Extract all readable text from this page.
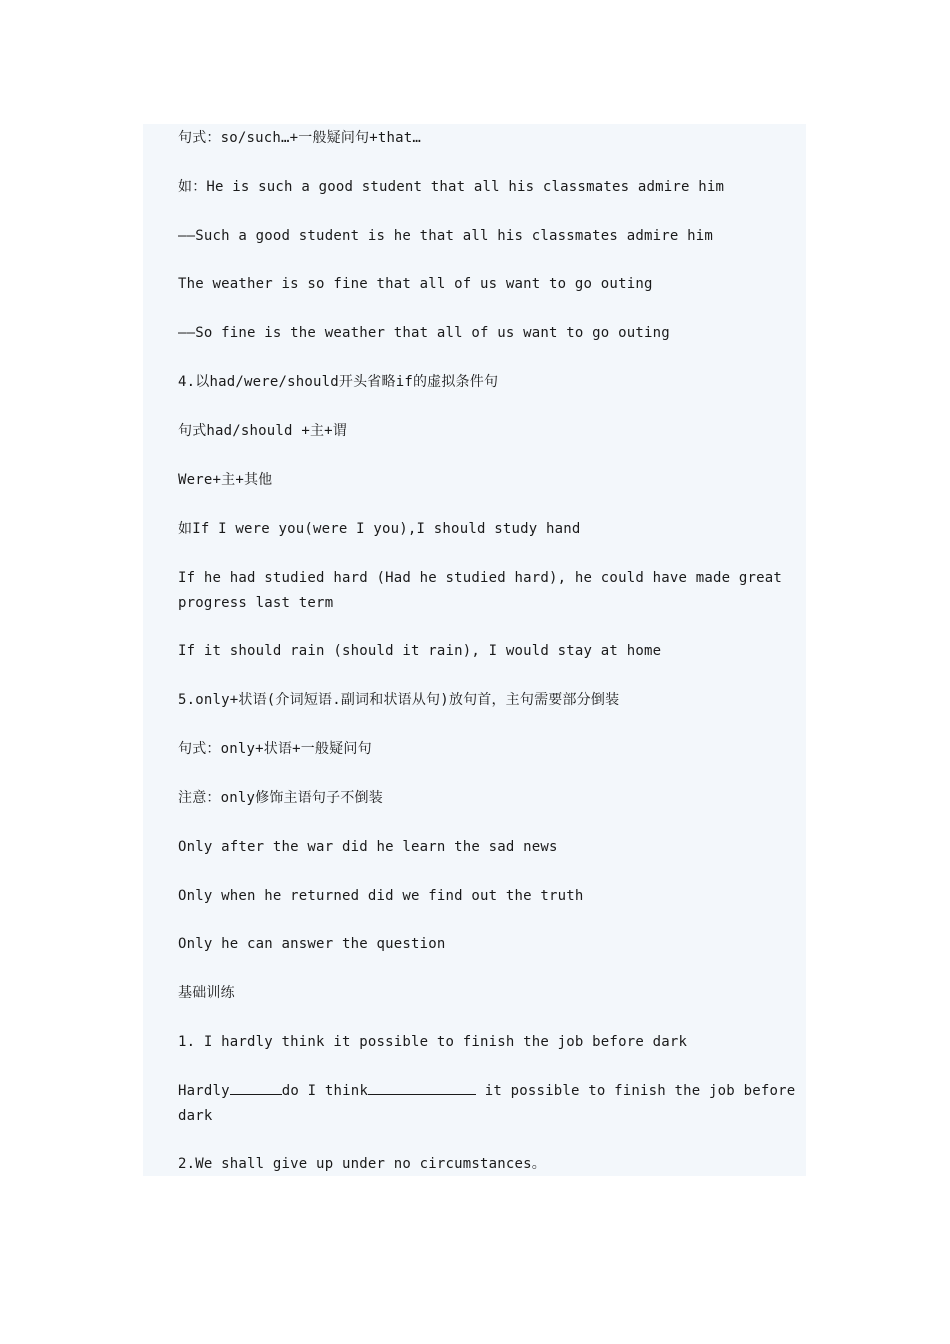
句式：so/such…+一般疑问句+that…
如：He is such a good student that all his classmates admire him
——Such a good student is he that all his classmates admire him
The weather is so fine that all of us want to go outing
——So fine is the weather that all of us want to go outing
4.以had/were/should开头省略if的虚拟条件句
句式had/should +主+谓
Were+主+其他
如If I were you(were I you),I should study hand
If he had studied hard (Had he studied hard), he could have made great progress last term
If it should rain (should it rain), I would stay at home
5.only+状语(介词短语.副词和状语从句)放句首，主句需要部分倒装
句式：only+状语+一般疑问句
注意：only修饰主语句子不倒装
Only after the war did he learn the sad news
Only when he returned did we find out the truth
Only he can answer the question
基础训练
1. I hardly think it possible to finish the job before dark
Hardly	do I think	it possible to finish the job before dark
2.We shall give up under no circumstances。
